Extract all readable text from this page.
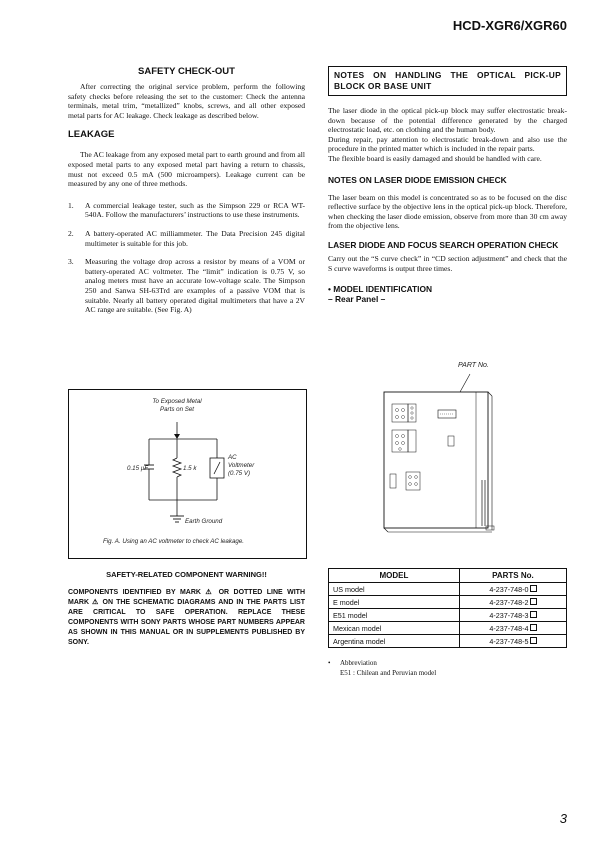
HCD-XGR6/XGR60
SAFETY CHECK-OUT

After correcting the original service problem, perform the following safety checks before releasing the set to the customer: Check the antenna terminals, metal trim, “metallized” knobs, screws, and all other exposed metal parts for AC leakage. Check leakage as described below.

LEAKAGE

The AC leakage from any exposed metal part to earth ground and from all exposed metal parts to any exposed metal part having a return to chassis, must not exceed 0.5 mA (500 microampers). Leakage current can be measured by any one of three methods.

1. A commercial leakage tester, such as the Simpson 229 or RCA WT-540A. Follow the manufacturers’ instructions to use these instruments.
2. A battery-operated AC milliammeter. The Data Precision 245 digital multimeter is suitable for this job.
3. Measuring the voltage drop across a resistor by means of a VOM or battery-operated AC voltmeter. The “limit” indication is 0.75 V, so analog meters must have an accurate low-voltage scale. The Simpson 250 and Sanwa SH-63Trd are examples of a passive VOM that is suitable. Nearly all battery operated digital multimeters that have a 2V AC range are suitable. (See Fig. A)
To Exposed Metal
Parts on Set
0.15 µF	1.5 k
AC
Voltmeter
(0.75 V)
Earth Ground
Fig. A. Using an AC voltmeter to check AC leakage.
SAFETY-RELATED COMPONENT WARNING!!
COMPONENTS IDENTIFIED BY MARK ⚠ OR DOTTED LINE WITH MARK ⚠ ON THE SCHEMATIC DIAGRAMS AND IN THE PARTS LIST ARE CRITICAL TO SAFE OPERATION. REPLACE THESE COMPONENTS WITH SONY PARTS WHOSE PART NUMBERS APPEAR AS SHOWN IN THIS MANUAL OR IN SUPPLEMENTS PUBLISHED BY SONY.
NOTES ON HANDLING THE OPTICAL PICK-UP BLOCK OR BASE UNIT

The laser diode in the optical pick-up block may suffer electrostatic break-down because of the potential difference generated by the charged electrostatic load, etc. on clothing and the human body.

During repair, pay attention to electrostatic break-down and also use the procedure in the printed matter which is included in the repair parts.

The flexible board is easily damaged and should be handled with care.

NOTES ON LASER DIODE EMISSION CHECK

The laser beam on this model is concentrated so as to be focused on the disc reflective surface by the objective lens in the optical pick-up block. Therefore, when checking the laser diode emission, observe from more than 30 cm away from the objective lens.

LASER DIODE AND FOCUS SEARCH OPERATION CHECK

Carry out the “S curve check” in “CD section adjustment” and check that the S curve waveforms is output three times.

• MODEL IDENTIFICATION
– Rear Panel –
PART No.
MODEL	PARTS No.
US model	4-237-748-0
E model	4-237-748-2
E51 model	4-237-748-3
Mexican model	4-237-748-4
Argentina model	4-237-748-5
• Abbreviation
E51 : Chilean and Peruvian model
3
